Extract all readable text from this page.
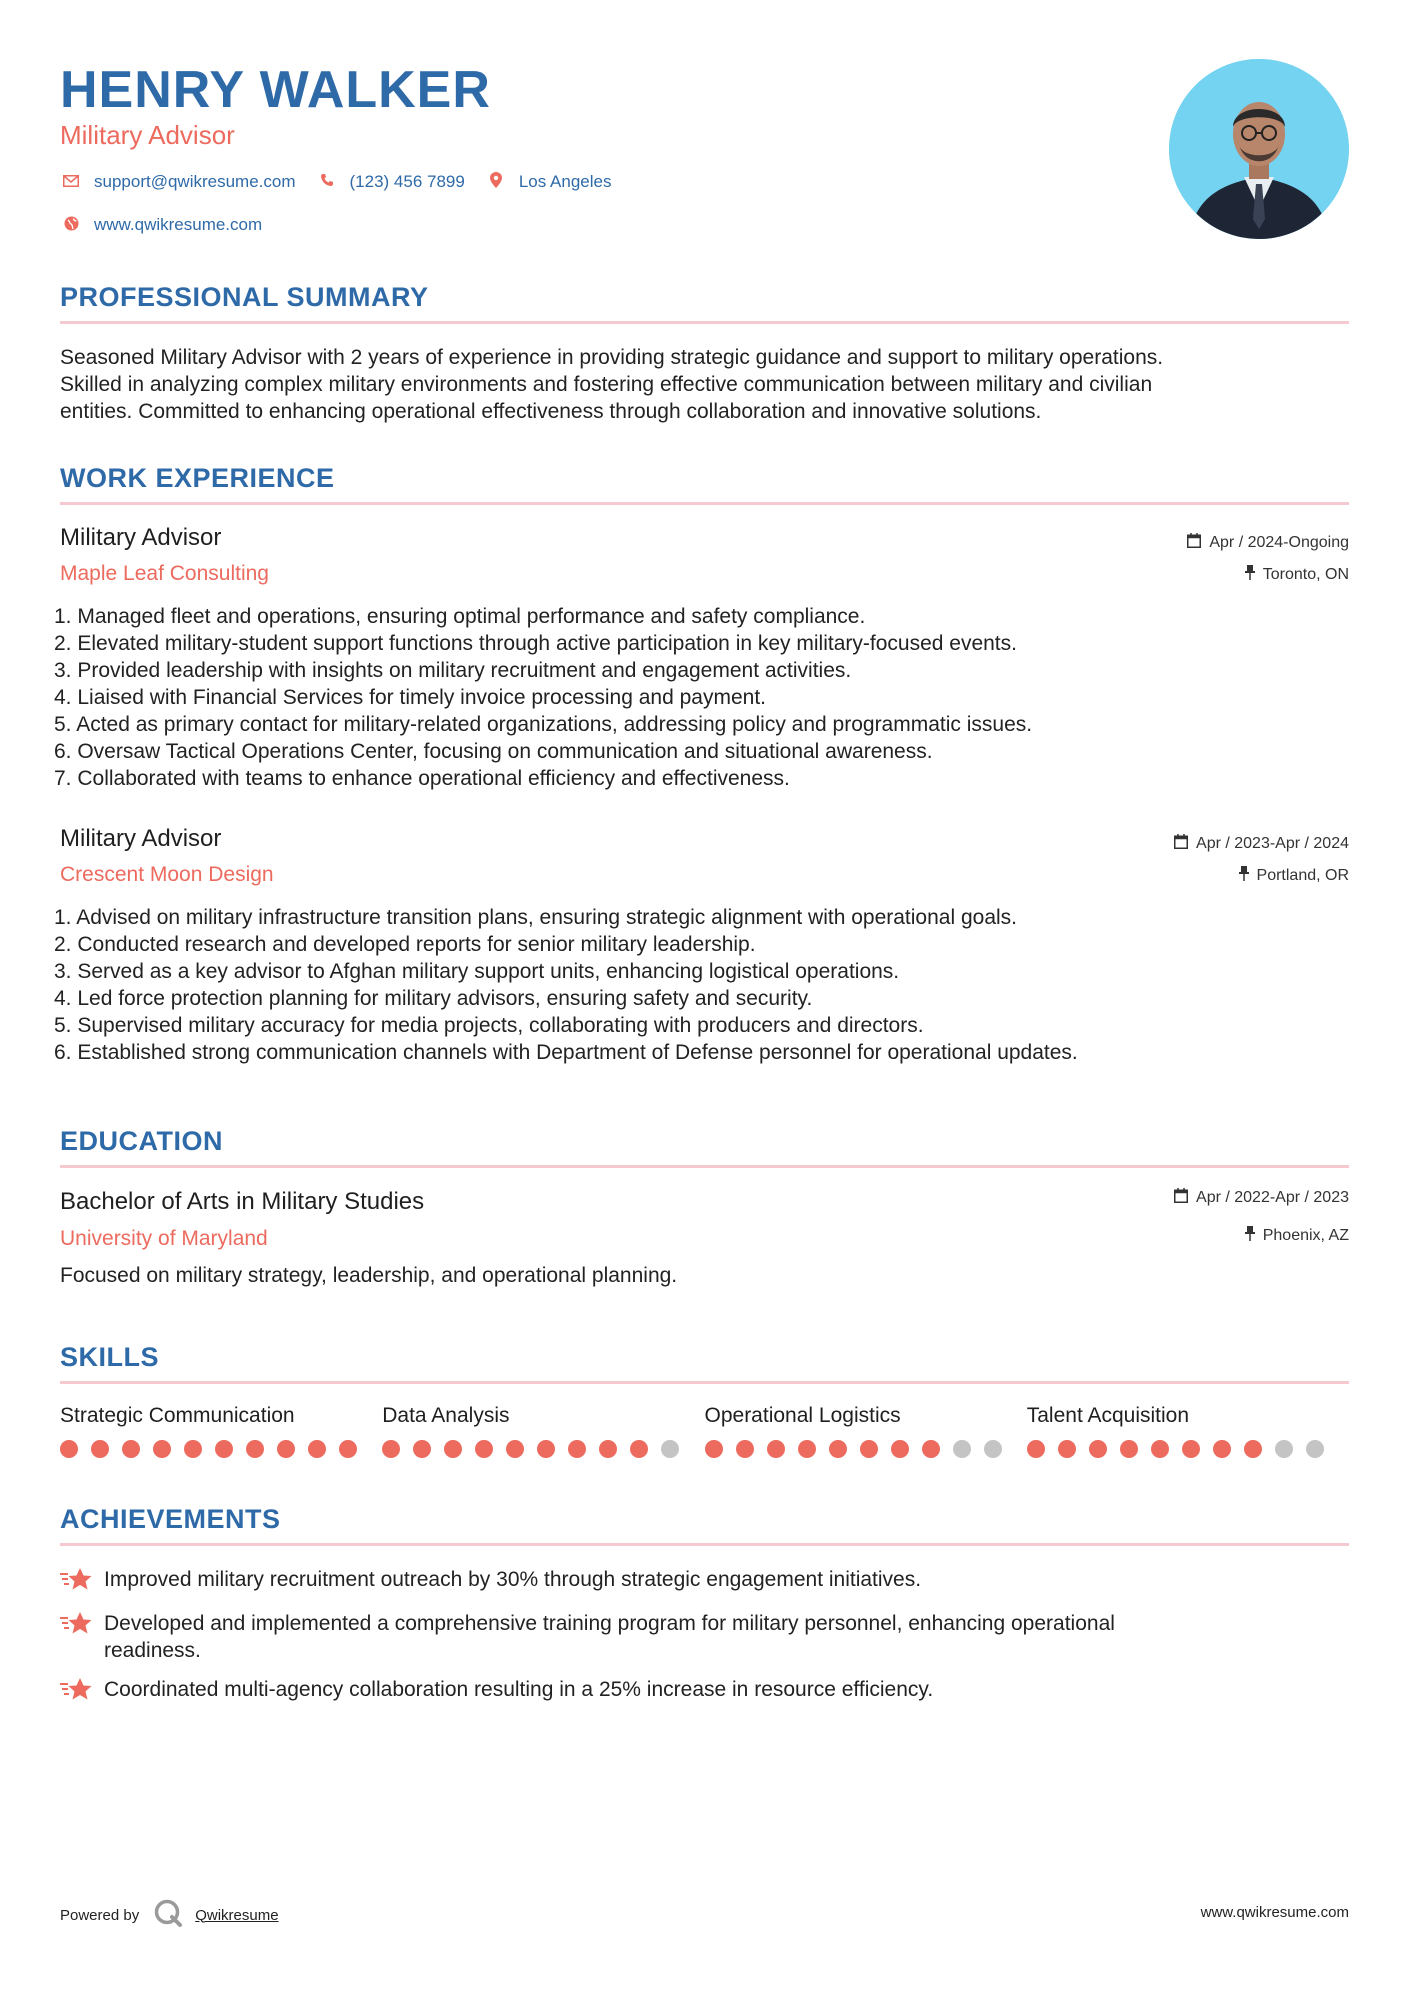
HENRY WALKER
Military Advisor
support@qwikresume.com	(123) 456 7899	Los Angeles
www.qwikresume.com
PROFESSIONAL SUMMARY
Seasoned Military Advisor with 2 years of experience in providing strategic guidance and support to military operations.
Skilled in analyzing complex military environments and fostering effective communication between military and civilian
entities. Committed to enhancing operational effectiveness through collaboration and innovative solutions.
WORK EXPERIENCE
Military Advisor
Maple Leaf Consulting
Apr / 2024-Ongoing
Toronto, ON
1. Managed fleet and operations, ensuring optimal performance and safety compliance.
2. Elevated military-student support functions through active participation in key military-focused events.
3. Provided leadership with insights on military recruitment and engagement activities.
4. Liaised with Financial Services for timely invoice processing and payment.
5. Acted as primary contact for military-related organizations, addressing policy and programmatic issues.
6. Oversaw Tactical Operations Center, focusing on communication and situational awareness.
7. Collaborated with teams to enhance operational efficiency and effectiveness.
Military Advisor
Crescent Moon Design
Apr / 2023-Apr / 2024
Portland, OR
1. Advised on military infrastructure transition plans, ensuring strategic alignment with operational goals.
2. Conducted research and developed reports for senior military leadership.
3. Served as a key advisor to Afghan military support units, enhancing logistical operations.
4. Led force protection planning for military advisors, ensuring safety and security.
5. Supervised military accuracy for media projects, collaborating with producers and directors.
6. Established strong communication channels with Department of Defense personnel for operational updates.
EDUCATION
Bachelor of Arts in Military Studies
University of Maryland
Apr / 2022-Apr / 2023
Phoenix, AZ
Focused on military strategy, leadership, and operational planning.
SKILLS
Strategic Communication	Data Analysis	Operational Logistics	Talent Acquisition
ACHIEVEMENTS
Improved military recruitment outreach by 30% through strategic engagement initiatives.
Developed and implemented a comprehensive training program for military personnel, enhancing operational
readiness.
Coordinated multi-agency collaboration resulting in a 25% increase in resource efficiency.
Powered by	Qwikresume	www.qwikresume.com
